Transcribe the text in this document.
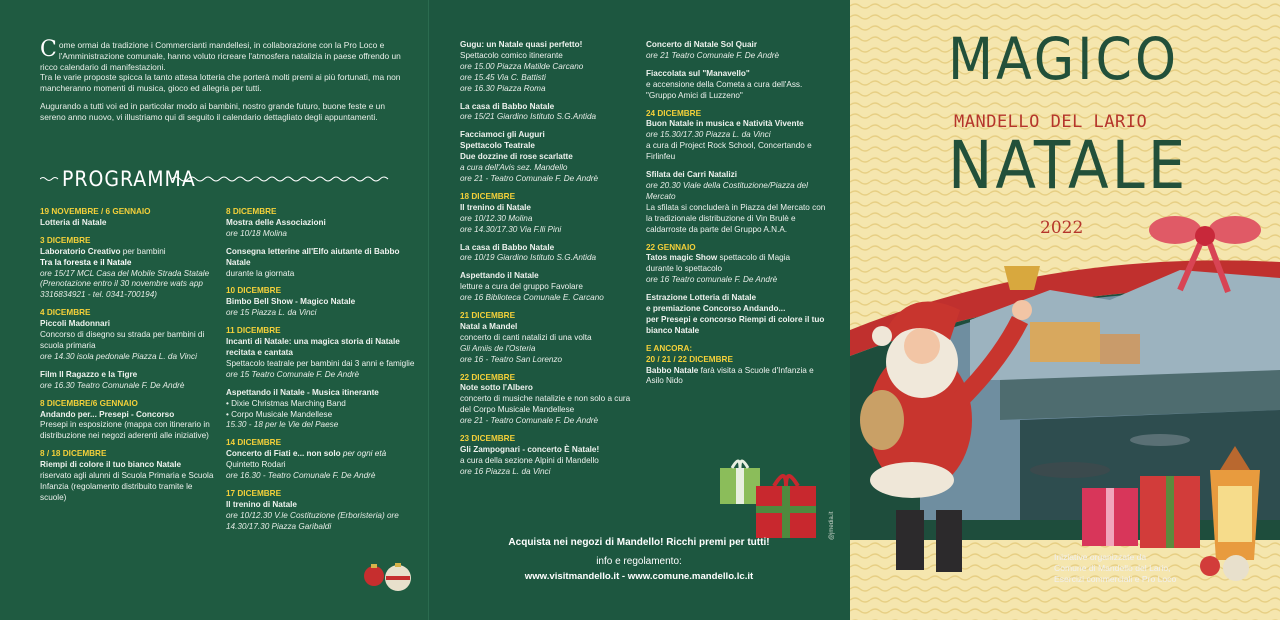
Come ormai da tradizione i Commercianti mandellesi, in collaborazione con la Pro Loco e l'Amministrazione comunale, hanno voluto ricreare l'atmosfera natalizia in paese offrendo un ricco calendario di manifestazioni.
Tra le varie proposte spicca la tanto attesa lotteria che porterà molti premi ai più fortunati, ma non mancheranno momenti di musica, gioco ed allegria per tutti.

Augurando a tutti voi ed in particolar modo ai bambini, nostro grande futuro, buone feste e un sereno anno nuovo, vi illustriamo qui di seguito il calendario dettagliato degli appuntamenti.

PROGRAMMA
19 NOVEMBRE / 6 GENNAIO
Lotteria di Natale
3 DICEMBRE
Laboratorio Creativo per bambini
Tra la foresta e il Natale
ore 15/17 MCL Casa del Mobile Strada Statale (Prenotazione entro il 30 novembre wats app 3316834921 - tel. 0341-700194)
4 DICEMBRE
Piccoli Madonnari
Concorso di disegno su strada per bambini di scuola primaria
ore 14.30 isola pedonale Piazza L. da Vinci
Film Il Ragazzo e la Tigre
ore 16.30 Teatro Comunale F. De Andrè
8 DICEMBRE/6 GENNAIO
Andando per... Presepi - Concorso
Presepi in esposizione (mappa con itinerario in distribuzione nei negozi aderenti alle iniziative)
8 / 18 DICEMBRE
Riempi di colore il tuo bianco Natale
riservato agli alunni di Scuola Primaria e Scuola Infanzia (regolamento distribuito tramite le scuole)
8 DICEMBRE
Mostra delle Associazioni
ore 10/18 Molina
Consegna letterine all'Elfo aiutante di Babbo Natale
durante la giornata
10 DICEMBRE
Bimbo Bell Show - Magico Natale
ore 15 Piazza L. da Vinci
11 DICEMBRE
Incanti di Natale: una magica storia di Natale recitata e cantata
Spettacolo teatrale per bambini dai 3 anni e famiglie
ore 15 Teatro Comunale F. De Andrè
Aspettando il Natale - Musica itinerante
• Dixie Christmas Marching Band
• Corpo Musicale Mandellese
15.30 - 18 per le Vie del Paese
14 DICEMBRE
Concerto di Fiati e... non solo per ogni età
Quintetto Rodari
ore 16.30 - Teatro Comunale F. De Andrè
17 DICEMBRE
Il trenino di Natale
ore 10/12.30 V.le Costituzione (Erboristeria) ore 14.30/17.30 Piazza Garibaldi
Gugu: un Natale quasi perfetto!
Spettacolo comico itinerante
ore 15.00 Piazza Matilde Carcano
ore 15.45 Via C. Battisti
ore 16.30 Piazza Roma
La casa di Babbo Natale
ore 15/21 Giardino Istituto S.G.Antida
Facciamoci gli Auguri
Spettacolo Teatrale
Due dozzine di rose scarlatte
a cura dell'Avis sez. Mandello
ore 21 - Teatro Comunale F. De Andrè
18 DICEMBRE
Il trenino di Natale
ore 10/12.30 Molina
ore 14.30/17.30 Via F.lli Pini
La casa di Babbo Natale
ore 10/19 Giardino Istituto S.G.Antida
Aspettando il Natale
letture a cura del gruppo Favolare
ore 16 Biblioteca Comunale E. Carcano
21 DICEMBRE
Natal a Mandel
concerto di canti natalizi di una volta
Gli Amiis de l'Osteria
ore 16 - Teatro San Lorenzo
22 DICEMBRE
Note sotto l'Albero
concerto di musiche natalizie e non solo a cura del Corpo Musicale Mandellese
ore 21 - Teatro Comunale F. De Andrè
23 DICEMBRE
Gli Zampognari - concerto È Natale!
a cura della sezione Alpini di Mandello
ore 16 Piazza L. da Vinci
Concerto di Natale Sol Quair
ore 21 Teatro Comunale F. De Andrè
Fiaccolata sul "Manavello"
e accensione della Cometa a cura dell'Ass. "Gruppo Amici di Luzzeno"
24 DICEMBRE
Buon Natale in musica e Natività Vivente
ore 15.30/17.30 Piazza L. da Vinci
a cura di Project Rock School, Concertando e Firlinfeu
Sfilata dei Carri Natalizi
ore 20.30 Viale della Costituzione/Piazza del Mercato
La sfilata si concluderà in Piazza del Mercato con la tradizionale distribuzione di Vin Brulè e caldarroste da parte del Gruppo A.N.A.
22 GENNAIO
Tatos magic Show spettacolo di Magia
durante lo spettacolo
ore 16 Teatro comunale F. De Andrè
Estrazione Lotteria di Natale
e premiazione Concorso Andando...
per Presepi e concorso Riempi di colore il tuo bianco Natale
E ANCORA:
20 / 21 / 22 DICEMBRE
Babbo Natale farà visita a Scuole d'Infanzia e Asilo Nido
Acquista nei negozi di Mandello! Ricchi premi per tutti!
info e regolamento:
www.visitmandello.it - www.comune.mandello.lc.it
@jmedia.it
MAGICO
MANDELLO DEL LARIO
NATALE
2022
Iniziative organizzate da
Comune di Mandello del Lario,
Esercizi commerciali e Pro Loco
